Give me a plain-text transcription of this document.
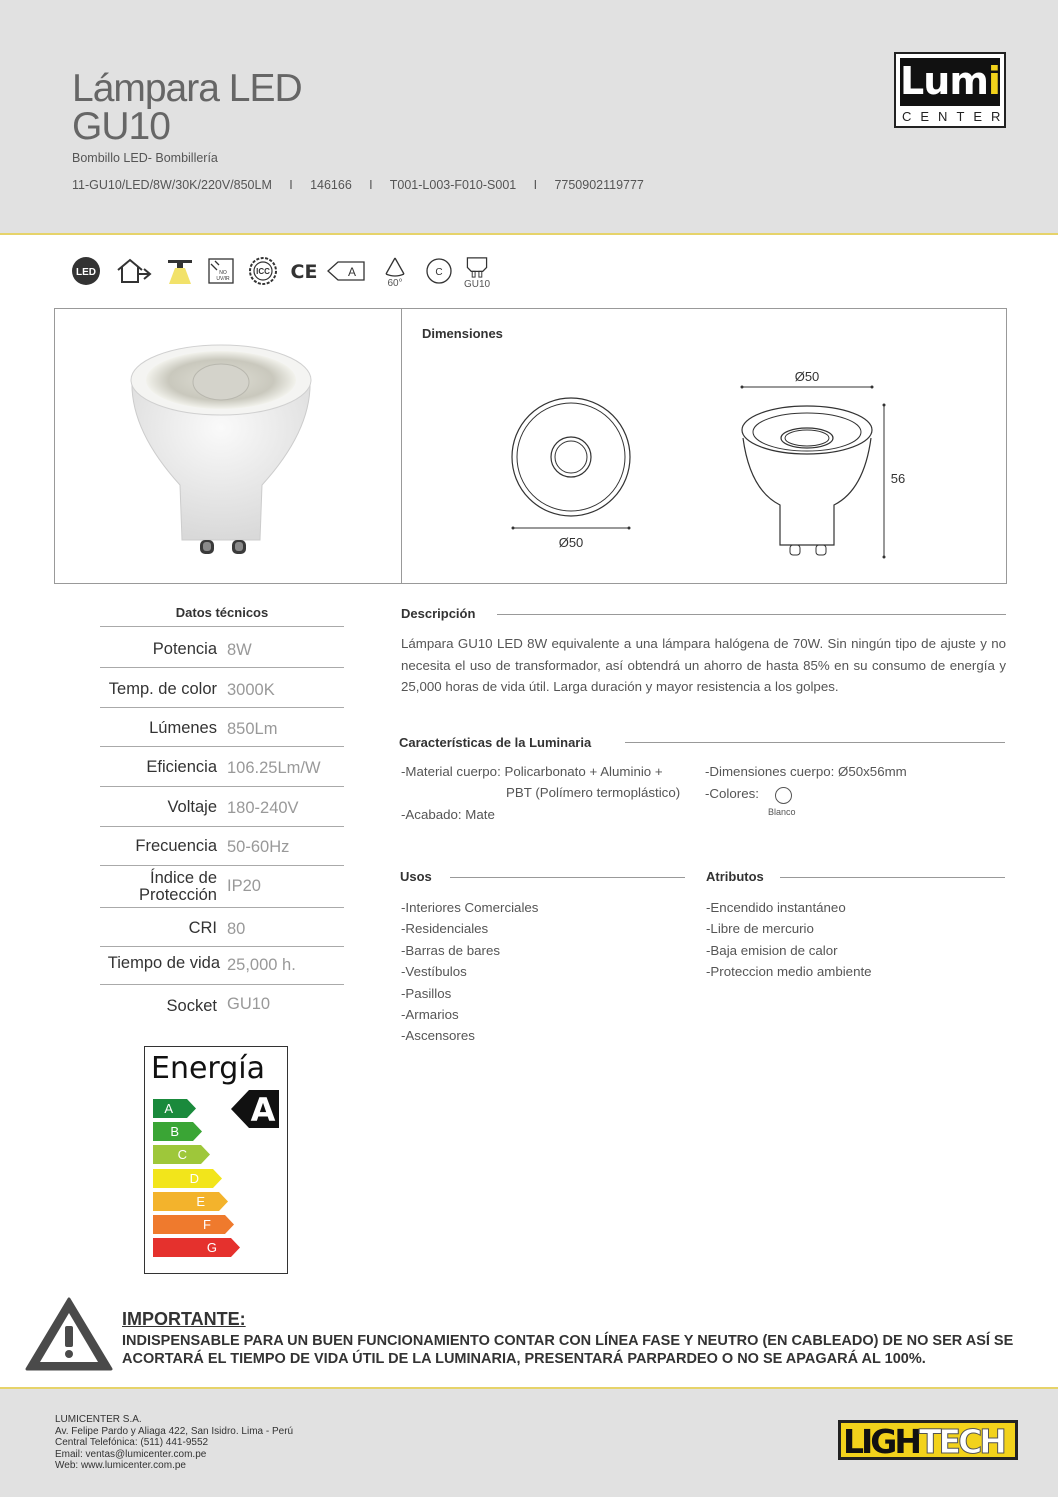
Lámpara LED
GU10
Bombillo LED- Bombillería
11-GU10/LED/8W/30K/220V/850LM     I     146166     I     T001-L003-F010-S001     I     7750902119777
Lumi
CENTER
LED	NO
UV/IR
ICC CE	A
60°
C
GU10
Dimensiones
Ø50
Ø50
56
Datos técnicos
Potencia 8W
Temp. de color 3000K
Lúmenes 850Lm
Eficiencia 106.25Lm/W
Voltaje 180-240V
Frecuencia 50-60Hz
Índice de
Protección IP20
CRI 80
Tiempo de vida 25,000 h.
Socket GU10
Descripción
Lámpara GU10 LED 8W equivalente a una lámpara halógena de 70W. Sin ningún tipo de ajuste y no necesita el uso de transformador, así obtendrá un ahorro de hasta 85% en su consumo de energía y 25,000 horas de vida útil. Larga duración y mayor resistencia a los golpes.
Características de la Luminaria
-Material cuerpo: Policarbonato + Aluminio +
PBT (Polímero termoplástico)
-Acabado: Mate
-Dimensiones cuerpo: Ø50x56mm
-Colores:
Blanco
Usos
-Interiores Comerciales
-Residenciales
-Barras de bares
-Vestíbulos
-Pasillos
-Armarios
-Ascensores
Atributos
-Encendido instantáneo
-Libre de mercurio
-Baja emision de calor
-Proteccion medio ambiente
Energía
A
B
C
D
E
F
G
A
IMPORTANTE:
INDISPENSABLE PARA UN BUEN FUNCIONAMIENTO CONTAR CON LÍNEA FASE Y NEUTRO (EN CABLEADO) DE NO SER ASÍ SE ACORTARÁ EL TIEMPO DE VIDA ÚTIL DE LA LUMINARIA, PRESENTARÁ PARPARDEO O NO SE APAGARÁ AL 100%.
LUMICENTER S.A.
Av. Felipe Pardo y Aliaga 422, San Isidro. Lima - Perú
Central Telefónica: (511) 441-9552
Email: ventas@lumicenter.com.pe
Web: www.lumicenter.com.pe
LIGHTECH
